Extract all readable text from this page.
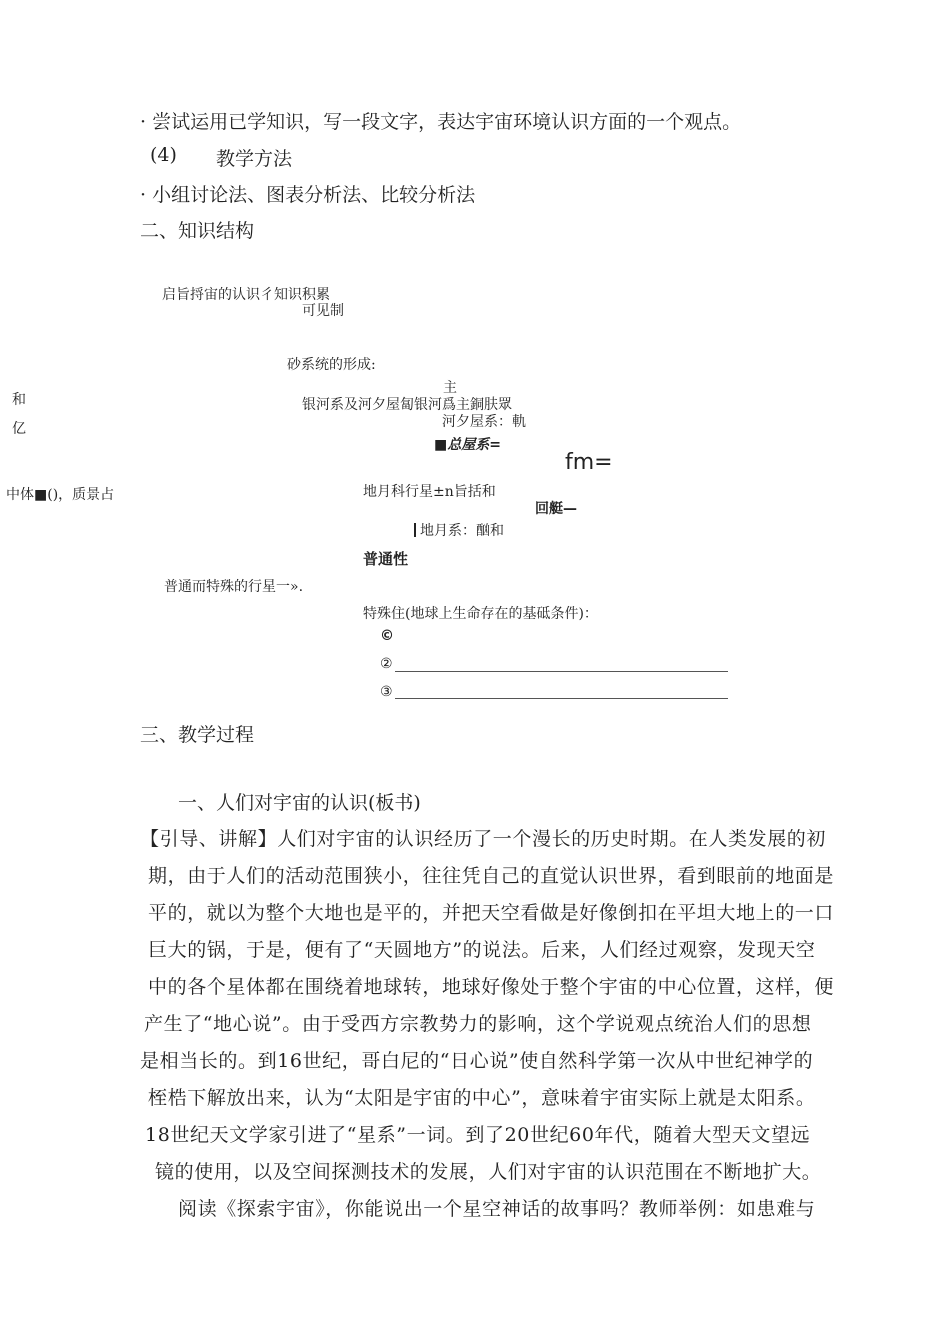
· 尝试运用已学知识，写一段文字，表达宇宙环境认识方面的一个观点。
(4) 教学方法
· 小组讨论法、图表分析法、比较分析法
二、知识结构
启旨捋宙的认识彳知识积累
可见制
砂系统的形成:
主
银河系及河夕屋匐银河爲主銅肤眾
河夕屋系：軌
和
亿
■总屋系=
fm=
中体■()，质景占	地月科行星±n旨括和
回艇—
地月系：酗和
普通性
普通而特殊的行星一».
特殊住(地球上生命存在的基砥条件)：
©
②
③
三、教学过程
一、人们对宇宙的认识(板书)
【引导、讲解】人们对宇宙的认识经历了一个漫长的历史时期。在人类发展的初
期，由于人们的活动范围狭小，往往凭自己的直觉认识世界，看到眼前的地面是
平的，就以为整个大地也是平的，并把天空看做是好像倒扣在平坦大地上的一口
巨大的锅，于是，便有了“天圆地方”的说法。后来，人们经过观察，发现天空
中的各个星体都在围绕着地球转，地球好像处于整个宇宙的中心位置，这样，便
产生了“地心说”。由于受西方宗教势力的影响，这个学说观点统治人们的思想
是相当长的。到16世纪，哥白尼的“日心说”使自然科学第一次从中世纪神学的
桎梏下解放出来，认为“太阳是宇宙的中心”，意味着宇宙实际上就是太阳系。
18世纪天文学家引进了“星系”一词。到了20世纪60年代，随着大型天文望远
镜的使用，以及空间探测技术的发展，人们对宇宙的认识范围在不断地扩大。
阅读《探索宇宙》，你能说出一个星空神话的故事吗？教师举例：如患难与
